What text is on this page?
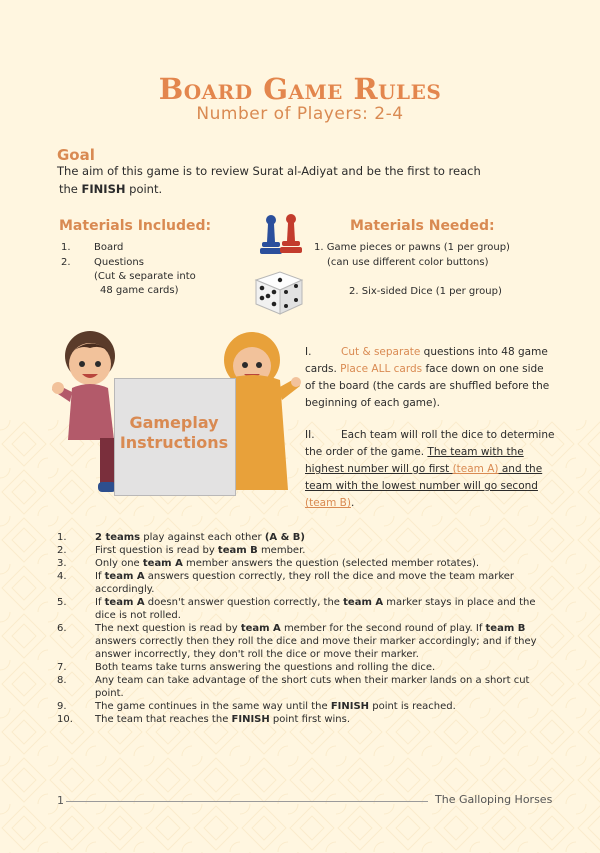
Board Game Rules
Number of Players: 2-4
Goal
The aim of this game is to review Surat al-Adiyat and be the first to reach
the FINISH point.
Materials Included:
1. Board
2. Questions
(Cut & separate into
48 game cards)
Materials Needed:
1. Game pieces or pawns (1 per group)
(can use different color buttons)
2. Six-sided Dice (1 per group)
Gameplay
Instructions
I.	Cut & separate questions into 48 game cards. Place ALL cards face down on one side of the board (the cards are shuffled before the beginning of each game).
II.	Each team will roll the dice to determine the order of the game. The team with the highest number will go first (team A) and the team with the lowest number will go second (team B).
1.	2 teams play against each other (A & B)
2.	First question is read by team B member.
3.	Only one team A member answers the question (selected member rotates).
4.	If team A answers question correctly, they roll the dice and move the team marker accordingly.
5.	If team A doesn't answer question correctly, the team A marker stays in place and the dice is not rolled.
6.	The next question is read by team A member for the second round of play. If team B answers correctly then they roll the dice and move their marker accordingly; and if they answer incorrectly, they don't roll the dice or move their marker.
7.	Both teams take turns answering the questions and rolling the dice.
8.	Any team can take advantage of the short cuts when their marker lands on a short cut point.
9.	The game continues in the same way until the FINISH point is reached.
10.	The team that reaches the FINISH point first wins.
1	The Galloping Horses
